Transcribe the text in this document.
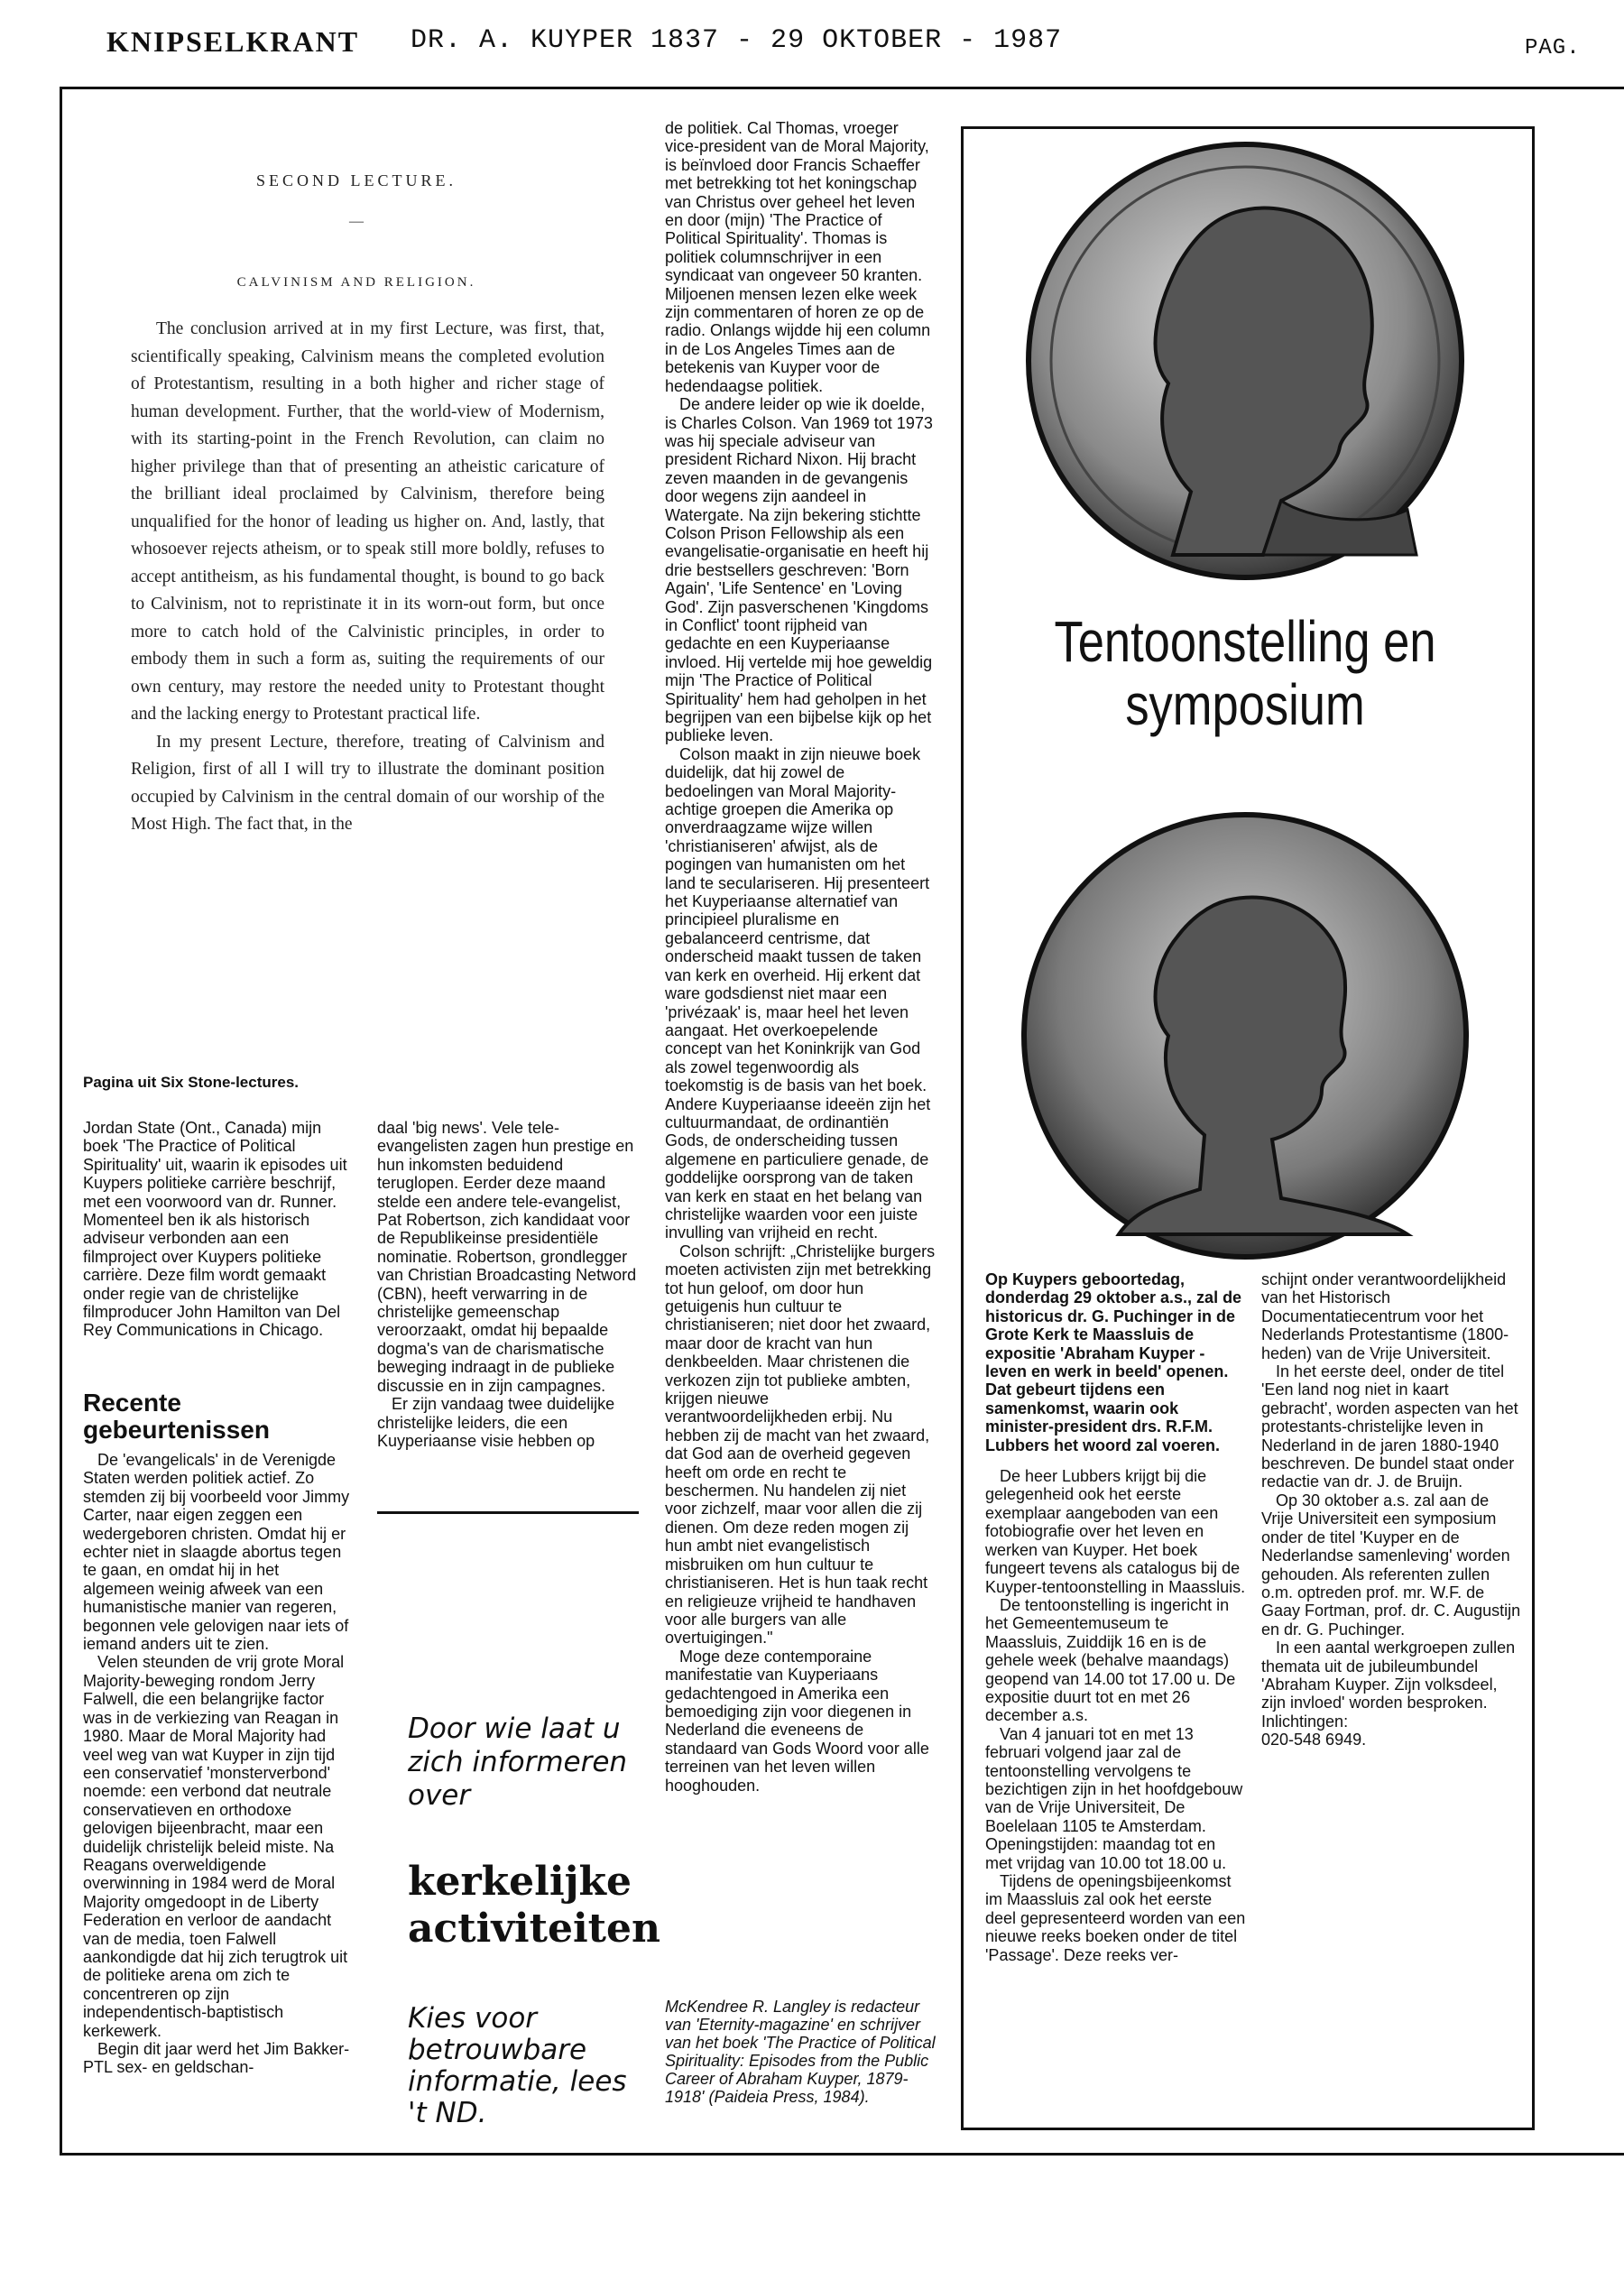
KNIPSELKRANT DR. A. KUYPER 1837 - 29 OKTOBER - 1987	PAG.
SECOND LECTURE.
—
CALVINISM AND RELIGION.

The conclusion arrived at in my first Lecture, was first, that, scientifically speaking, Calvinism means the completed evolution of Protestantism, resulting in a both higher and richer stage of human development. Further, that the world-view of Modernism, with its starting-point in the French Revolution, can claim no higher privilege than that of presenting an atheistic caricature of the brilliant ideal proclaimed by Calvinism, therefore being unqualified for the honor of leading us higher on. And, lastly, that whosoever rejects atheism, or to speak still more boldly, refuses to accept antitheism, as his fundamental thought, is bound to go back to Calvinism, not to repristinate it in its worn-out form, but once more to catch hold of the Calvinistic principles, in order to embody them in such a form as, suiting the requirements of our own century, may restore the needed unity to Protestant thought and the lacking energy to Protestant practical life.

In my present Lecture, therefore, treating of Calvinism and Religion, first of all I will try to illustrate the dominant position occupied by Calvinism in the central domain of our worship of the Most High. The fact that, in the

Pagina uit Six Stone-lectures.

Jordan State (Ont., Canada) mijn boek 'The Practice of Political Spirituality' uit, waarin ik episodes uit Kuypers politieke carrière beschrijf, met een voorwoord van dr. Runner. Momenteel ben ik als historisch adviseur verbonden aan een filmproject over Kuypers politieke carrière. Deze film wordt gemaakt onder regie van de christelijke filmproducer John Hamilton van Del Rey Communications in Chicago.

Recente gebeurtenissen

De 'evangelicals' in de Verenigde Staten werden politiek actief. Zo stemden zij bij voorbeeld voor Jimmy Carter, naar eigen zeggen een wedergeboren christen. Omdat hij er echter niet in slaagde abortus tegen te gaan, en omdat hij in het algemeen weinig afweek van een humanistische manier van regeren, begonnen vele gelovigen naar iets of iemand anders uit te zien.

Velen steunden de vrij grote Moral Majority-beweging rondom Jerry Falwell, die een belangrijke factor was in de verkiezing van Reagan in 1980. Maar de Moral Majority had veel weg van wat Kuyper in zijn tijd een conservatief 'monsterverbond' noemde: een verbond dat neutrale conservatieven en orthodoxe gelovigen bijeenbracht, maar een duidelijk christelijk beleid miste. Na Reagans overweldigende overwinning in 1984 werd de Moral Majority omgedoopt in de Liberty Federation en verloor de aandacht van de media, toen Falwell aankondigde dat hij zich terugtrok uit de politieke arena om zich te concentreren op zijn independentisch-baptistisch kerkewerk.

Begin dit jaar werd het Jim Bakker-PTL sex- en geldschan-

daal 'big news'. Vele tele-evangelisten zagen hun prestige en hun inkomsten beduidend teruglopen. Eerder deze maand stelde een andere tele-evangelist, Pat Robertson, zich kandidaat voor de Republikeinse presidentiële nominatie. Robertson, grondlegger van Christian Broadcasting Netword (CBN), heeft verwarring in de christelijke gemeenschap veroorzaakt, omdat hij bepaalde dogma's van de charismatische beweging indraagt in de publieke discussie en in zijn campagnes.

Er zijn vandaag twee duidelijke christelijke leiders, die een Kuyperiaanse visie hebben op

Door wie laat u zich informeren over
kerkelijke activiteiten
Kies voor betrouwbare informatie, lees 't ND.

de politiek. Cal Thomas, vroeger vice-president van de Moral Majority, is beïnvloed door Francis Schaeffer met betrekking tot het koningschap van Christus over geheel het leven en door (mijn) 'The Practice of Political Spirituality'. Thomas is politiek columnschrijver in een syndicaat van ongeveer 50 kranten. Miljoenen mensen lezen elke week zijn commentaren of horen ze op de radio. Onlangs wijdde hij een column in de Los Angeles Times aan de betekenis van Kuyper voor de hedendaagse politiek.

De andere leider op wie ik doelde, is Charles Colson. Van 1969 tot 1973 was hij speciale adviseur van president Richard Nixon. Hij bracht zeven maanden in de gevangenis door wegens zijn aandeel in Watergate. Na zijn bekering stichtte Colson Prison Fellowship als een evangelisatie-organisatie en heeft hij drie bestsellers geschreven: 'Born Again', 'Life Sentence' en 'Loving God'. Zijn pasverschenen 'Kingdoms in Conflict' toont rijpheid van gedachte en een Kuyperiaanse invloed. Hij vertelde mij hoe geweldig mijn 'The Practice of Political Spirituality' hem had geholpen in het begrijpen van een bijbelse kijk op het publieke leven.

Colson maakt in zijn nieuwe boek duidelijk, dat hij zowel de bedoelingen van Moral Majority-achtige groepen die Amerika op onverdraagzame wijze willen 'christianiseren' afwijst, als de pogingen van humanisten om het land te seculariseren. Hij presenteert het Kuyperiaanse alternatief van principieel pluralisme en gebalanceerd centrisme, dat onderscheid maakt tussen de taken van kerk en overheid. Hij erkent dat ware godsdienst niet maar een 'privézaak' is, maar heel het leven aangaat. Het overkoepelende concept van het Koninkrijk van God als zowel tegenwoordig als toekomstig is de basis van het boek. Andere Kuyperiaanse ideeën zijn het cultuurmandaat, de ordinantiën Gods, de onderscheiding tussen algemene en particuliere genade, de goddelijke oorsprong van de taken van kerk en staat en het belang van christelijke waarden voor een juiste invulling van vrijheid en recht.

Colson schrijft: „Christelijke burgers moeten activisten zijn met betrekking tot hun geloof, om door hun getuigenis hun cultuur te christianiseren; niet door het zwaard, maar door de kracht van hun denkbeelden. Maar christenen die verkozen zijn tot publieke ambten, krijgen nieuwe verantwoordelijkheden erbij. Nu hebben zij de macht van het zwaard, dat God aan de overheid gegeven heeft om orde en recht te beschermen. Nu handelen zij niet voor zichzelf, maar voor allen die zij dienen. Om deze reden mogen zij hun ambt niet evangelistisch misbruiken om hun cultuur te christianiseren. Het is hun taak recht en religieuze vrijheid te handhaven voor alle burgers van alle overtuigingen."

Moge deze contemporaine manifestatie van Kuyperiaans gedachtengoed in Amerika een bemoediging zijn voor diegenen in Nederland die eveneens de standaard van Gods Woord voor alle terreinen van het leven willen hooghouden.

McKendree R. Langley is redacteur van 'Eternity-magazine' en schrijver van het boek 'The Practice of Political Spirituality: Episodes from the Public Career of Abraham Kuyper, 1879-1918' (Paideia Press, 1984).
Tentoonstelling en symposium

Op Kuypers geboortedag, donderdag 29 oktober a.s., zal de historicus dr. G. Puchinger in de Grote Kerk te Maassluis de expositie 'Abraham Kuyper - leven en werk in beeld' openen. Dat gebeurt tijdens een samenkomst, waarin ook minister-president drs. R.F.M. Lubbers het woord zal voeren.

De heer Lubbers krijgt bij die gelegenheid ook het eerste exemplaar aangeboden van een fotobiografie over het leven en werken van Kuyper. Het boek fungeert tevens als catalogus bij de Kuyper-tentoonstelling in Maassluis.

De tentoonstelling is ingericht in het Gemeentemuseum te Maassluis, Zuiddijk 16 en is de gehele week (behalve maandags) geopend van 14.00 tot 17.00 u. De expositie duurt tot en met 26 december a.s.

Van 4 januari tot en met 13 februari volgend jaar zal de tentoonstelling vervolgens te bezichtigen zijn in het hoofdgebouw van de Vrije Universiteit, De Boelelaan 1105 te Amsterdam. Openingstijden: maandag tot en met vrijdag van 10.00 tot 18.00 u.

Tijdens de openingsbijeenkomst im Maassluis zal ook het eerste deel gepresenteerd worden van een nieuwe reeks boeken onder de titel 'Passage'. Deze reeks ver-

schijnt onder verantwoordelijkheid van het Historisch Documentatiecentrum voor het Nederlands Protestantisme (1800-heden) van de Vrije Universiteit.

In het eerste deel, onder de titel 'Een land nog niet in kaart gebracht', worden aspecten van het protestants-christelijke leven in Nederland in de jaren 1880-1940 beschreven. De bundel staat onder redactie van dr. J. de Bruijn.

Op 30 oktober a.s. zal aan de Vrije Universiteit een symposium onder de titel 'Kuyper en de Nederlandse samenleving' worden gehouden. Als referenten zullen o.m. optreden prof. mr. W.F. de Gaay Fortman, prof. dr. C. Augustijn en dr. G. Puchinger.

In een aantal werkgroepen zullen themata uit de jubileumbundel 'Abraham Kuyper. Zijn volksdeel, zijn invloed' worden besproken. Inlichtingen:

020-548 6949.
